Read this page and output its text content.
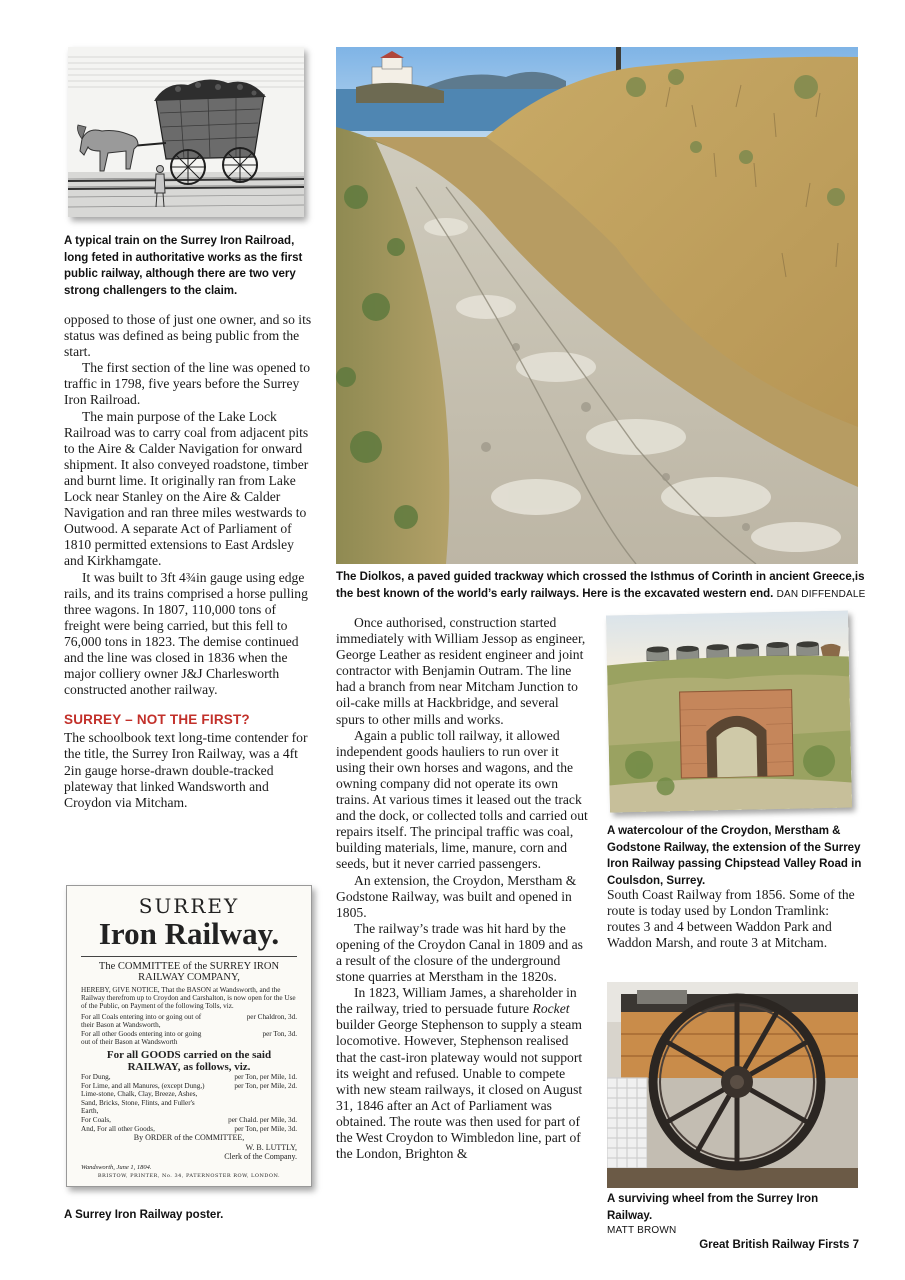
A typical train on the Surrey Iron Railroad, long feted in authoritative works as the first public railway, although there are two very strong challengers to the claim.
The Diolkos, a paved guided trackway which crossed the Isthmus of Corinth in ancient Greece,is the best known of the world’s early railways. Here is the excavated western end. DAN DIFFENDALE

opposed to those of just one owner, and so its status was defined as being public from the start.

The first section of the line was opened to traffic in 1798, five years before the Surrey Iron Railroad.

The main purpose of the Lake Lock Railroad was to carry coal from adjacent pits to the Aire & Calder Navigation for onward shipment. It also conveyed roadstone, timber and burnt lime. It originally ran from Lake Lock near Stanley on the Aire & Calder Navigation and ran three miles westwards to Outwood. A separate Act of Parliament of 1810 permitted extensions to East Ardsley and Kirkhamgate.

It was built to 3ft 4¾in gauge using edge rails, and its trains comprised a horse pulling three wagons. In 1807, 110,000 tons of freight were being carried, but this fell to 76,000 tons in 1823. The demise continued and the line was closed in 1836 when the major colliery owner J&J Charlesworth constructed another railway.

SURREY – NOT THE FIRST?

The schoolbook text long-time contender for the title, the Surrey Iron Railway, was a 4ft 2in gauge horse-drawn double-tracked plateway that linked Wandsworth and Croydon via Mitcham.

SURREY
Iron Railway.
The COMMITTEE of the SURREY IRON RAILWAY COMPANY,
HEREBY, GIVE NOTICE, That the BASON at Wandsworth, and the Railway therefrom up to Croydon and Carshalton, is now open for the Use of the Public, on Payment of the following Tolls, viz.
For all Coals entering into or going out of their Bason at Wandsworth,
per Chaldron, 3d.
For all other Goods entering into or going out of their Bason at Wandsworth
per Ton, 3d.
For all GOODS carried on the said RAILWAY, as follows, viz.
For Dung,	per Ton, per Mile, 1d.
For Lime, and all Manures, (except Dung,) Lime-stone, Chalk, Clay, Breeze, Ashes, Sand, Bricks, Stone, Flints, and Fuller's Earth,
per Ton, per Mile, 2d.
For Coals,	per Chald. per Mile, 3d.
And, For all other Goods,	per Ton, per Mile, 3d.
By ORDER of the COMMITTEE,
W. B. LUTTLY,
Clerk of the Company.
Wandsworth, June 1, 1804.
BRISTOW, PRINTER, No. 34, PATERNOSTER ROW, LONDON.
A Surrey Iron Railway poster.

Once authorised, construction started immediately with William Jessop as engineer, George Leather as resident engineer and joint contractor with Benjamin Outram. The line had a branch from near Mitcham Junction to oil-cake mills at Hackbridge, and several spurs to other mills and works.

Again a public toll railway, it allowed independent goods hauliers to run over it using their own horses and wagons, and the owning company did not operate its own trains. At various times it leased out the track and the dock, or collected tolls and carried out repairs itself. The principal traffic was coal, building materials, lime, manure, corn and seeds, but it never carried passengers.

An extension, the Croydon, Merstham & Godstone Railway, was built and opened in 1805.

The railway’s trade was hit hard by the opening of the Croydon Canal in 1809 and as a result of the closure of the underground stone quarries at Merstham in the 1820s.

In 1823, William James, a shareholder in the railway, tried to persuade future Rocket builder George Stephenson to supply a steam locomotive. However, Stephenson realised that the cast-iron plateway would not support its weight and refused. Unable to compete with new steam railways, it closed on August 31, 1846 after an Act of Parliament was obtained. The route was then used for part of the West Croydon to Wimbledon line, part of the London, Brighton &

A watercolour of the Croydon, Merstham & Godstone Railway, the extension of the Surrey Iron Railway passing Chipstead Valley Road in Coulsdon, Surrey.

South Coast Railway from 1856. Some of the route is today used by London Tramlink: routes 3 and 4 between Waddon Park and Waddon Marsh, and route 3 at Mitcham.

A surviving wheel from the Surrey Iron Railway.
MATT BROWN
Great British Railway Firsts 7
